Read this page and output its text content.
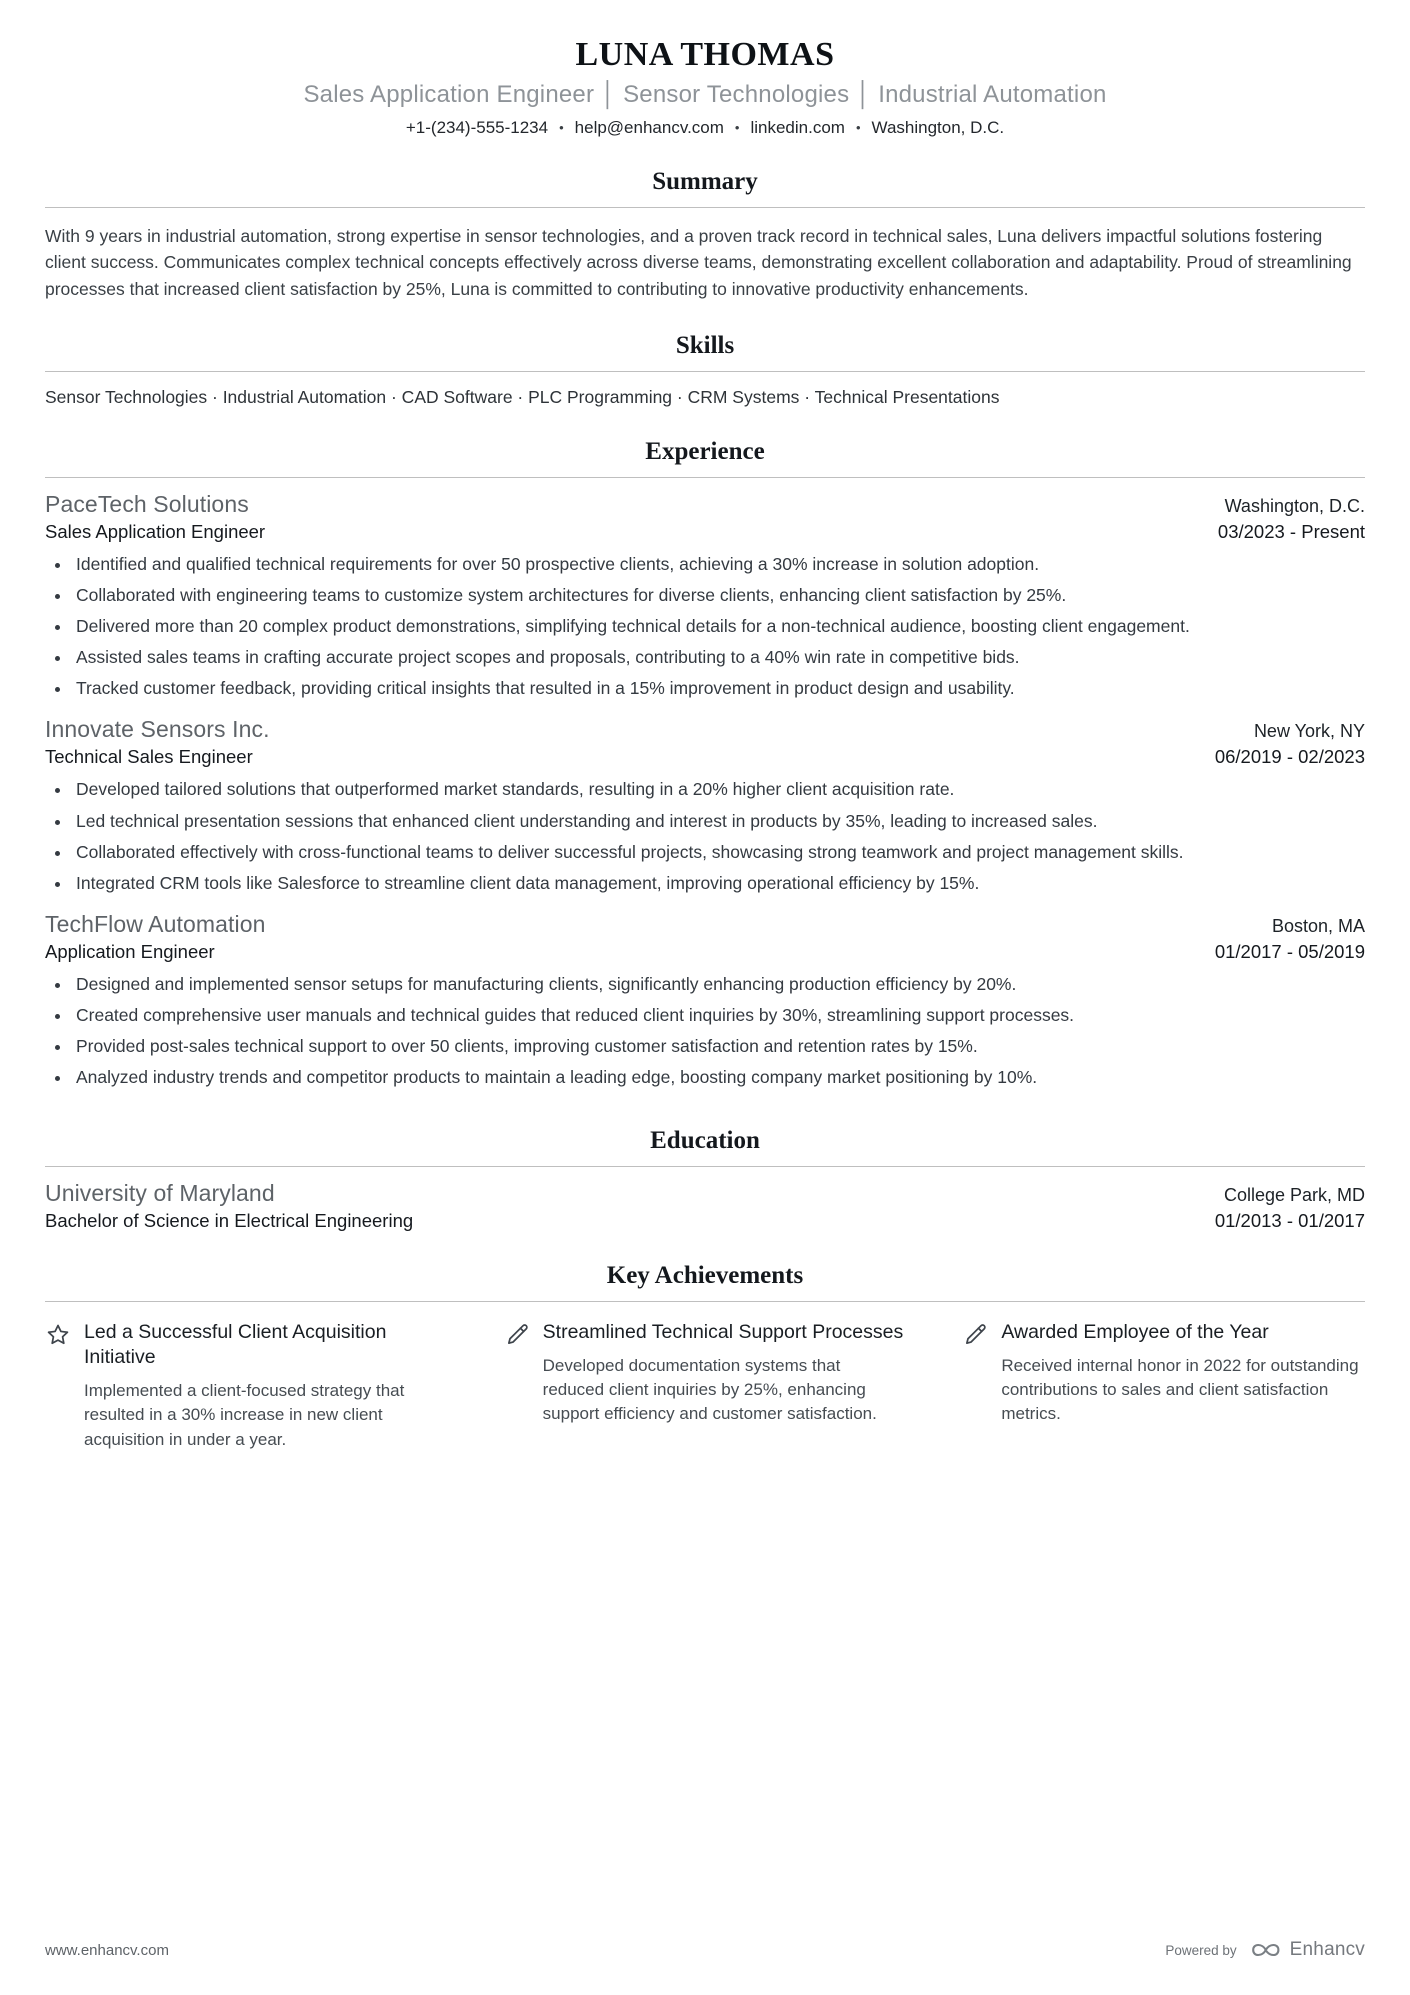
LUNA THOMAS
Sales Application Engineer │ Sensor Technologies │ Industrial Automation
+1-(234)-555-1234 • help@enhancv.com • linkedin.com • Washington, D.C.
Summary

With 9 years in industrial automation, strong expertise in sensor technologies, and a proven track record in technical sales, Luna delivers impactful solutions fostering client success. Communicates complex technical concepts effectively across diverse teams, demonstrating excellent collaboration and adaptability. Proud of streamlining processes that increased client satisfaction by 25%, Luna is committed to contributing to innovative productivity enhancements.

Skills
Sensor Technologies · Industrial Automation · CAD Software · PLC Programming · CRM Systems · Technical Presentations
Experience
PaceTech Solutions	Washington, D.C.
Sales Application Engineer	03/2023 - Present
• Identified and qualified technical requirements for over 50 prospective clients, achieving a 30% increase in solution adoption.
• Collaborated with engineering teams to customize system architectures for diverse clients, enhancing client satisfaction by 25%.
• Delivered more than 20 complex product demonstrations, simplifying technical details for a non-technical audience, boosting client engagement.
• Assisted sales teams in crafting accurate project scopes and proposals, contributing to a 40% win rate in competitive bids.
• Tracked customer feedback, providing critical insights that resulted in a 15% improvement in product design and usability.
Innovate Sensors Inc.	New York, NY
Technical Sales Engineer	06/2019 - 02/2023
• Developed tailored solutions that outperformed market standards, resulting in a 20% higher client acquisition rate.
• Led technical presentation sessions that enhanced client understanding and interest in products by 35%, leading to increased sales.
• Collaborated effectively with cross-functional teams to deliver successful projects, showcasing strong teamwork and project management skills.
• Integrated CRM tools like Salesforce to streamline client data management, improving operational efficiency by 15%.
TechFlow Automation	Boston, MA
Application Engineer	01/2017 - 05/2019
• Designed and implemented sensor setups for manufacturing clients, significantly enhancing production efficiency by 20%.
• Created comprehensive user manuals and technical guides that reduced client inquiries by 30%, streamlining support processes.
• Provided post-sales technical support to over 50 clients, improving customer satisfaction and retention rates by 15%.
• Analyzed industry trends and competitor products to maintain a leading edge, boosting company market positioning by 10%.
Education
University of Maryland	College Park, MD
Bachelor of Science in Electrical Engineering	01/2013 - 01/2017
Key Achievements
Led a Successful Client Acquisition Initiative

Implemented a client-focused strategy that resulted in a 30% increase in new client acquisition in under a year.

Streamlined Technical Support Processes

Developed documentation systems that reduced client inquiries by 25%, enhancing support efficiency and customer satisfaction.

Awarded Employee of the Year

Received internal honor in 2022 for outstanding contributions to sales and client satisfaction metrics.

www.enhancv.com	Powered by	Enhancv
